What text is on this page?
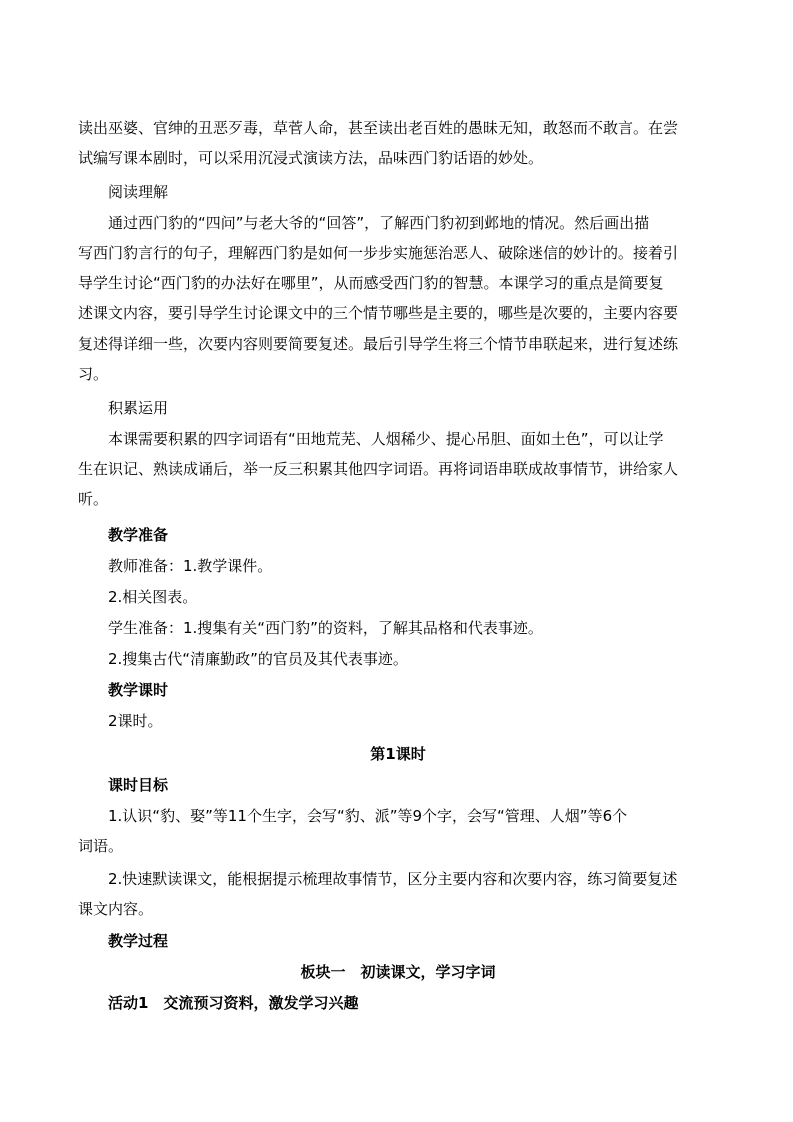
读出巫婆、官绅的丑恶歹毒，草菅人命，甚至读出老百姓的愚昧无知，敢怒而不敢言。在尝

试编写课本剧时，可以采用沉浸式演读方法，品味西门豹话语的妙处。

阅读理解

通过西门豹的“四问”与老大爷的“回答”，了解西门豹初到邺地的情况。然后画出描

写西门豹言行的句子，理解西门豹是如何一步步实施惩治恶人、破除迷信的妙计的。接着引

导学生讨论“西门豹的办法好在哪里”，从而感受西门豹的智慧。本课学习的重点是简要复

述课文内容，要引导学生讨论课文中的三个情节哪些是主要的，哪些是次要的，主要内容要

复述得详细一些，次要内容则要简要复述。最后引导学生将三个情节串联起来，进行复述练

习。

积累运用

本课需要积累的四字词语有“田地荒芜、人烟稀少、提心吊胆、面如土色”，可以让学

生在识记、熟读成诵后，举一反三积累其他四字词语。再将词语串联成故事情节，讲给家人

听。

教学准备

教师准备：1.教学课件。

2.相关图表。

学生准备：1.搜集有关“西门豹”的资料，了解其品格和代表事迹。

2.搜集古代“清廉勤政”的官员及其代表事迹。

教学课时

2课时。

第1课时

课时目标

1.认识“豹、娶”等11个生字，会写“豹、派”等9个字，会写“管理、人烟”等6个

词语。

2.快速默读课文，能根据提示梳理故事情节，区分主要内容和次要内容，练习简要复述

课文内容。

教学过程

板块一　初读课文，学习字词

活动1　交流预习资料，激发学习兴趣
